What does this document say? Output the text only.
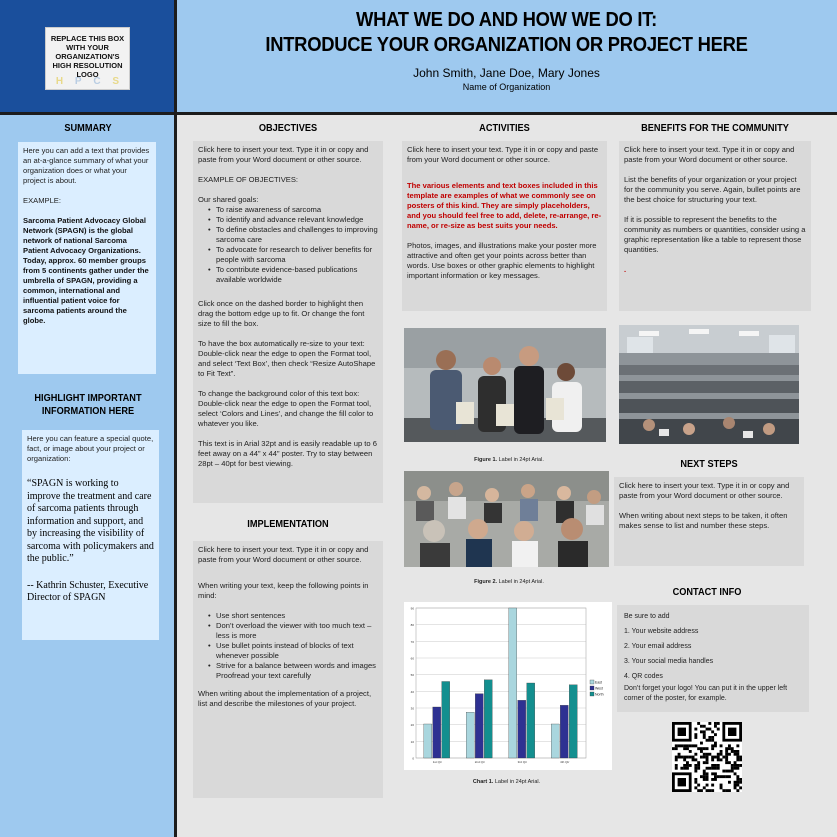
REPLACE THIS BOX WITH YOUR ORGANIZATION'S HIGH RESOLUTION LOGO
H P C S
WHAT WE DO AND HOW WE DO IT:
INTRODUCE YOUR ORGANIZATION OR PROJECT HERE
John Smith, Jane Doe, Mary Jones
Name of Organization
SUMMARY

Here you can add a text that provides an at-a-glance summary of what your organization does or what your project is about.

EXAMPLE:

Sarcoma Patient Advocacy Global Network (SPAGN) is the global network of national Sarcoma Patient Advocacy Organizations. Today, approx. 60 member groups from 5 continents gather under the umbrella of SPAGN, providing a common, international and influential patient voice for sarcoma patients around the globe.

HIGHLIGHT IMPORTANT INFORMATION HERE

Here you can feature a special quote, fact, or image about your project or organization:

“SPAGN is working to improve the treatment and care of sarcoma patients through information and support, and by increasing the visibility of sarcoma with policymakers and the public.”

-- Kathrin Schuster, Executive Director of SPAGN

OBJECTIVES

Click here to insert your text. Type it in or copy and paste from your Word document or other source.

EXAMPLE OF OBJECTIVES:

Our shared goals:
• To raise awareness of sarcoma
• To identify and advance relevant knowledge
• To define obstacles and challenges to improving sarcoma care
• To advocate for research to deliver benefits for people with sarcoma
• To contribute evidence-based publications available worldwide

Click once on the dashed border to highlight then drag the bottom edge up to fit. Or change the font size to fill the box.

To have the box automatically re-size to your text: Double-click near the edge to open the Format tool, and select ‘Text Box’, then check “Resize AutoShape to Fit Text”.

To change the background color of this text box: Double-click near the edge to open the Format tool, select ‘Colors and Lines’, and change the fill color to whatever you like.

This text is in Arial 32pt and is easily readable up to 6 feet away on a 44” x 44” poster. Try to stay between 28pt – 40pt for best viewing.

IMPLEMENTATION

Click here to insert your text. Type it in or copy and paste from your Word document or other source.

When writing your text, keep the following points in mind:

• Use short sentences
• Don’t overload the viewer with too much text – less is more
• Use bullet points instead of blocks of text whenever possible
• Strive for a balance between words and images Proofread your text carefully

When writing about the implementation of a project, list and describe the milestones of your project.

ACTIVITIES

Click here to insert your text. Type it in or copy and paste from your Word document or other source.

The various elements and text boxes included in this template are examples of what we commonly see on posters of this kind. They are simply placeholders, and you should feel free to add, delete, re-arrange, re-name, or re-size as best suits your needs.

Photos, images, and illustrations make your poster more attractive and often get your points across better than words. Use boxes or other graphic elements to highlight important information or key messages.

Figure 1. Label in 24pt Arial.
Figure 2. Label in 24pt Arial.
0
10
20
30
40
50
60
70
80
90
1st Qtr	2nd Qtr	3rd Qtr	4th Qtr
East
West
North
Chart 1. Label in 24pt Arial.
BENEFITS FOR THE COMMUNITY

Click here to insert your text. Type it in or copy and paste from your Word document or other source.

List the benefits of your organization or your project for the community you serve. Again, bullet points are the best choice for structuring your text.

If it is possible to represent the benefits to the community as numbers or quantities, consider using a graphic representation like a table to represent those quantities.

.

NEXT STEPS

Click here to insert your text. Type it in or copy and paste from your Word document or other source.

When writing about next steps to be taken, it often makes sense to list and number these steps.

CONTACT INFO
Be sure to add
1. Your website address
2. Your email address
3. Your social media handles
4. QR codes
Don’t forget your logo! You can put it in the upper left corner of the poster, for example.
